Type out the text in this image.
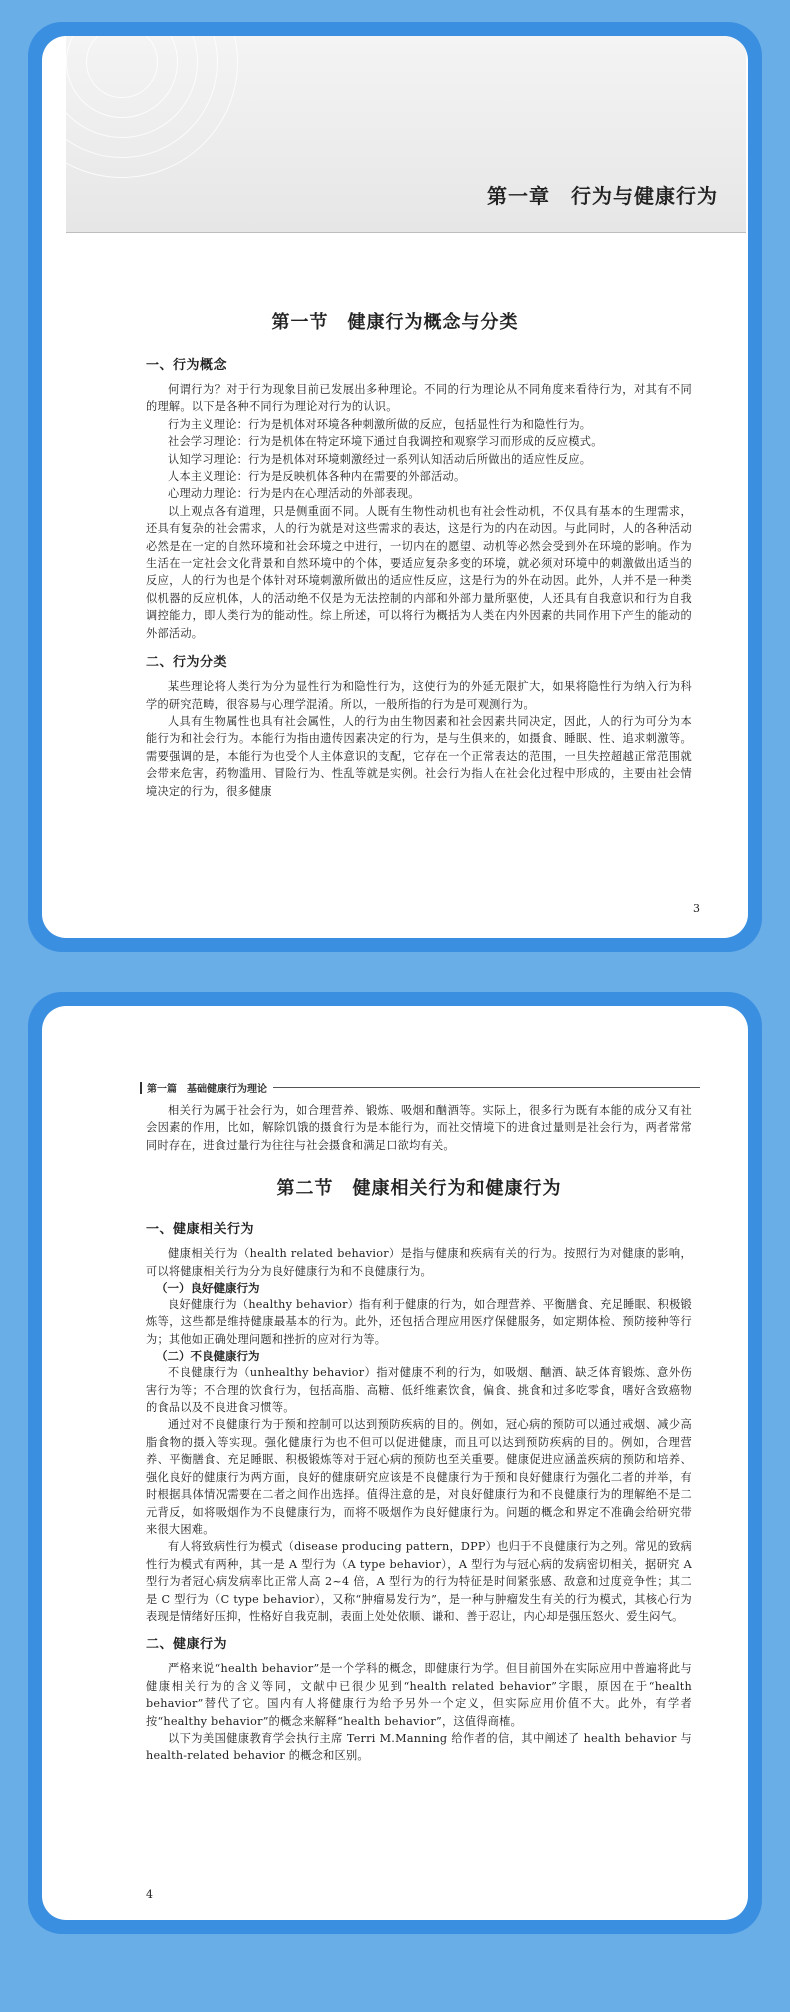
第一章　行为与健康行为
第一节　健康行为概念与分类
一、行为概念

何谓行为？对于行为现象目前已发展出多种理论。不同的行为理论从不同角度来看待行为，对其有不同的理解。以下是各种不同行为理论对行为的认识。

行为主义理论：行为是机体对环境各种刺激所做的反应，包括显性行为和隐性行为。

社会学习理论：行为是机体在特定环境下通过自我调控和观察学习而形成的反应模式。

认知学习理论：行为是机体对环境刺激经过一系列认知活动后所做出的适应性反应。

人本主义理论：行为是反映机体各种内在需要的外部活动。

心理动力理论：行为是内在心理活动的外部表现。

以上观点各有道理，只是侧重面不同。人既有生物性动机也有社会性动机，不仅具有基本的生理需求，还具有复杂的社会需求，人的行为就是对这些需求的表达，这是行为的内在动因。与此同时，人的各种活动必然是在一定的自然环境和社会环境之中进行，一切内在的愿望、动机等必然会受到外在环境的影响。作为生活在一定社会文化背景和自然环境中的个体，要适应复杂多变的环境，就必须对环境中的刺激做出适当的反应，人的行为也是个体针对环境刺激所做出的适应性反应，这是行为的外在动因。此外，人并不是一种类似机器的反应机体，人的活动绝不仅是为无法控制的内部和外部力量所驱使，人还具有自我意识和行为自我调控能力，即人类行为的能动性。综上所述，可以将行为概括为人类在内外因素的共同作用下产生的能动的外部活动。

二、行为分类

某些理论将人类行为分为显性行为和隐性行为，这使行为的外延无限扩大，如果将隐性行为纳入行为科学的研究范畴，很容易与心理学混淆。所以，一般所指的行为是可观测行为。

人具有生物属性也具有社会属性，人的行为由生物因素和社会因素共同决定，因此，人的行为可分为本能行为和社会行为。本能行为指由遗传因素决定的行为，是与生俱来的，如摄食、睡眠、性、追求刺激等。需要强调的是，本能行为也受个人主体意识的支配，它存在一个正常表达的范围，一旦失控超越正常范围就会带来危害，药物滥用、冒险行为、性乱等就是实例。社会行为指人在社会化过程中形成的，主要由社会情境决定的行为，很多健康

3
第一篇　基础健康行为理论

相关行为属于社会行为，如合理营养、锻炼、吸烟和酗酒等。实际上，很多行为既有本能的成分又有社会因素的作用，比如，解除饥饿的摄食行为是本能行为，而社交情境下的进食过量则是社会行为，两者常常同时存在，进食过量行为往往与社会摄食和满足口欲均有关。

第二节　健康相关行为和健康行为
一、健康相关行为

健康相关行为（health related behavior）是指与健康和疾病有关的行为。按照行为对健康的影响，可以将健康相关行为分为良好健康行为和不良健康行为。

（一）良好健康行为

良好健康行为（healthy behavior）指有利于健康的行为，如合理营养、平衡膳食、充足睡眠、积极锻炼等，这些都是维持健康最基本的行为。此外，还包括合理应用医疗保健服务，如定期体检、预防接种等行为；其他如正确处理问题和挫折的应对行为等。

（二）不良健康行为

不良健康行为（unhealthy behavior）指对健康不利的行为，如吸烟、酗酒、缺乏体育锻炼、意外伤害行为等；不合理的饮食行为，包括高脂、高糖、低纤维素饮食，偏食、挑食和过多吃零食，嗜好含致癌物的食品以及不良进食习惯等。

通过对不良健康行为于预和控制可以达到预防疾病的目的。例如，冠心病的预防可以通过戒烟、减少高脂食物的摄入等实现。强化健康行为也不但可以促进健康，而且可以达到预防疾病的目的。例如，合理营养、平衡膳食、充足睡眠、积极锻炼等对于冠心病的预防也至关重要。健康促进应涵盖疾病的预防和培养、强化良好的健康行为两方面，良好的健康研究应该是不良健康行为于预和良好健康行为强化二者的并举，有时根据具体情况需要在二者之间作出选择。值得注意的是，对良好健康行为和不良健康行为的理解绝不是二元背反，如将吸烟作为不良健康行为，而将不吸烟作为良好健康行为。问题的概念和界定不准确会给研究带来很大困难。

有人将致病性行为模式（disease producing pattern，DPP）也归于不良健康行为之列。常见的致病性行为模式有两种，其一是 A 型行为（A type behavior），A 型行为与冠心病的发病密切相关，据研究 A 型行为者冠心病发病率比正常人高 2~4 倍，A 型行为的行为特征是时间紧张感、敌意和过度竞争性；其二是 C 型行为（C type behavior），又称“肿瘤易发行为”，是一种与肿瘤发生有关的行为模式，其核心行为表现是情绪好压抑，性格好自我克制，表面上处处依顺、谦和、善于忍让，内心却是强压怒火、爱生闷气。

二、健康行为

严格来说“health behavior”是一个学科的概念，即健康行为学。但目前国外在实际应用中普遍将此与健康相关行为的含义等同，文献中已很少见到“health related behavior”字眼，原因在于“health behavior”替代了它。国内有人将健康行为给予另外一个定义，但实际应用价值不大。此外，有学者按“healthy behavior”的概念来解释“health behavior”，这值得商榷。

以下为美国健康教育学会执行主席 Terri M.Manning 给作者的信，其中阐述了 health behavior 与 health-related behavior 的概念和区别。

4
